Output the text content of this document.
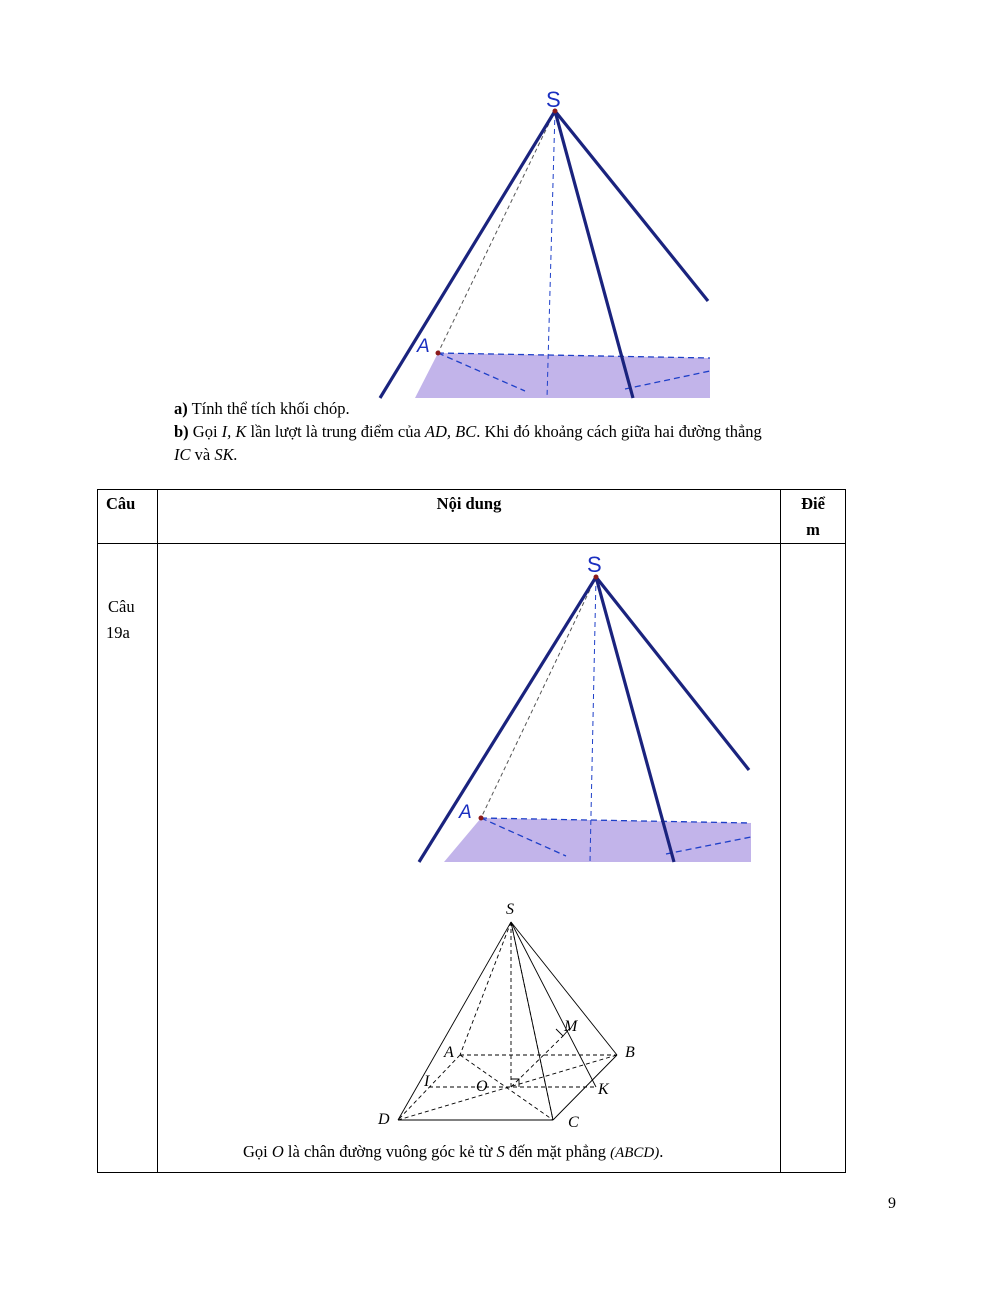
S
A
a) Tính thể tích khối chóp.
b) Gọi I, K lần lượt là trung điểm của AD, BC. Khi đó khoảng cách giữa hai đường thẳng
IC và SK.
Câu	Nội dung	Điể
m

Câu
19a		

S
A
S
A	B
C
D
I	O	K
M
Gọi O là chân đường vuông góc kẻ từ S đến mặt phẳng (ABCD).
9
